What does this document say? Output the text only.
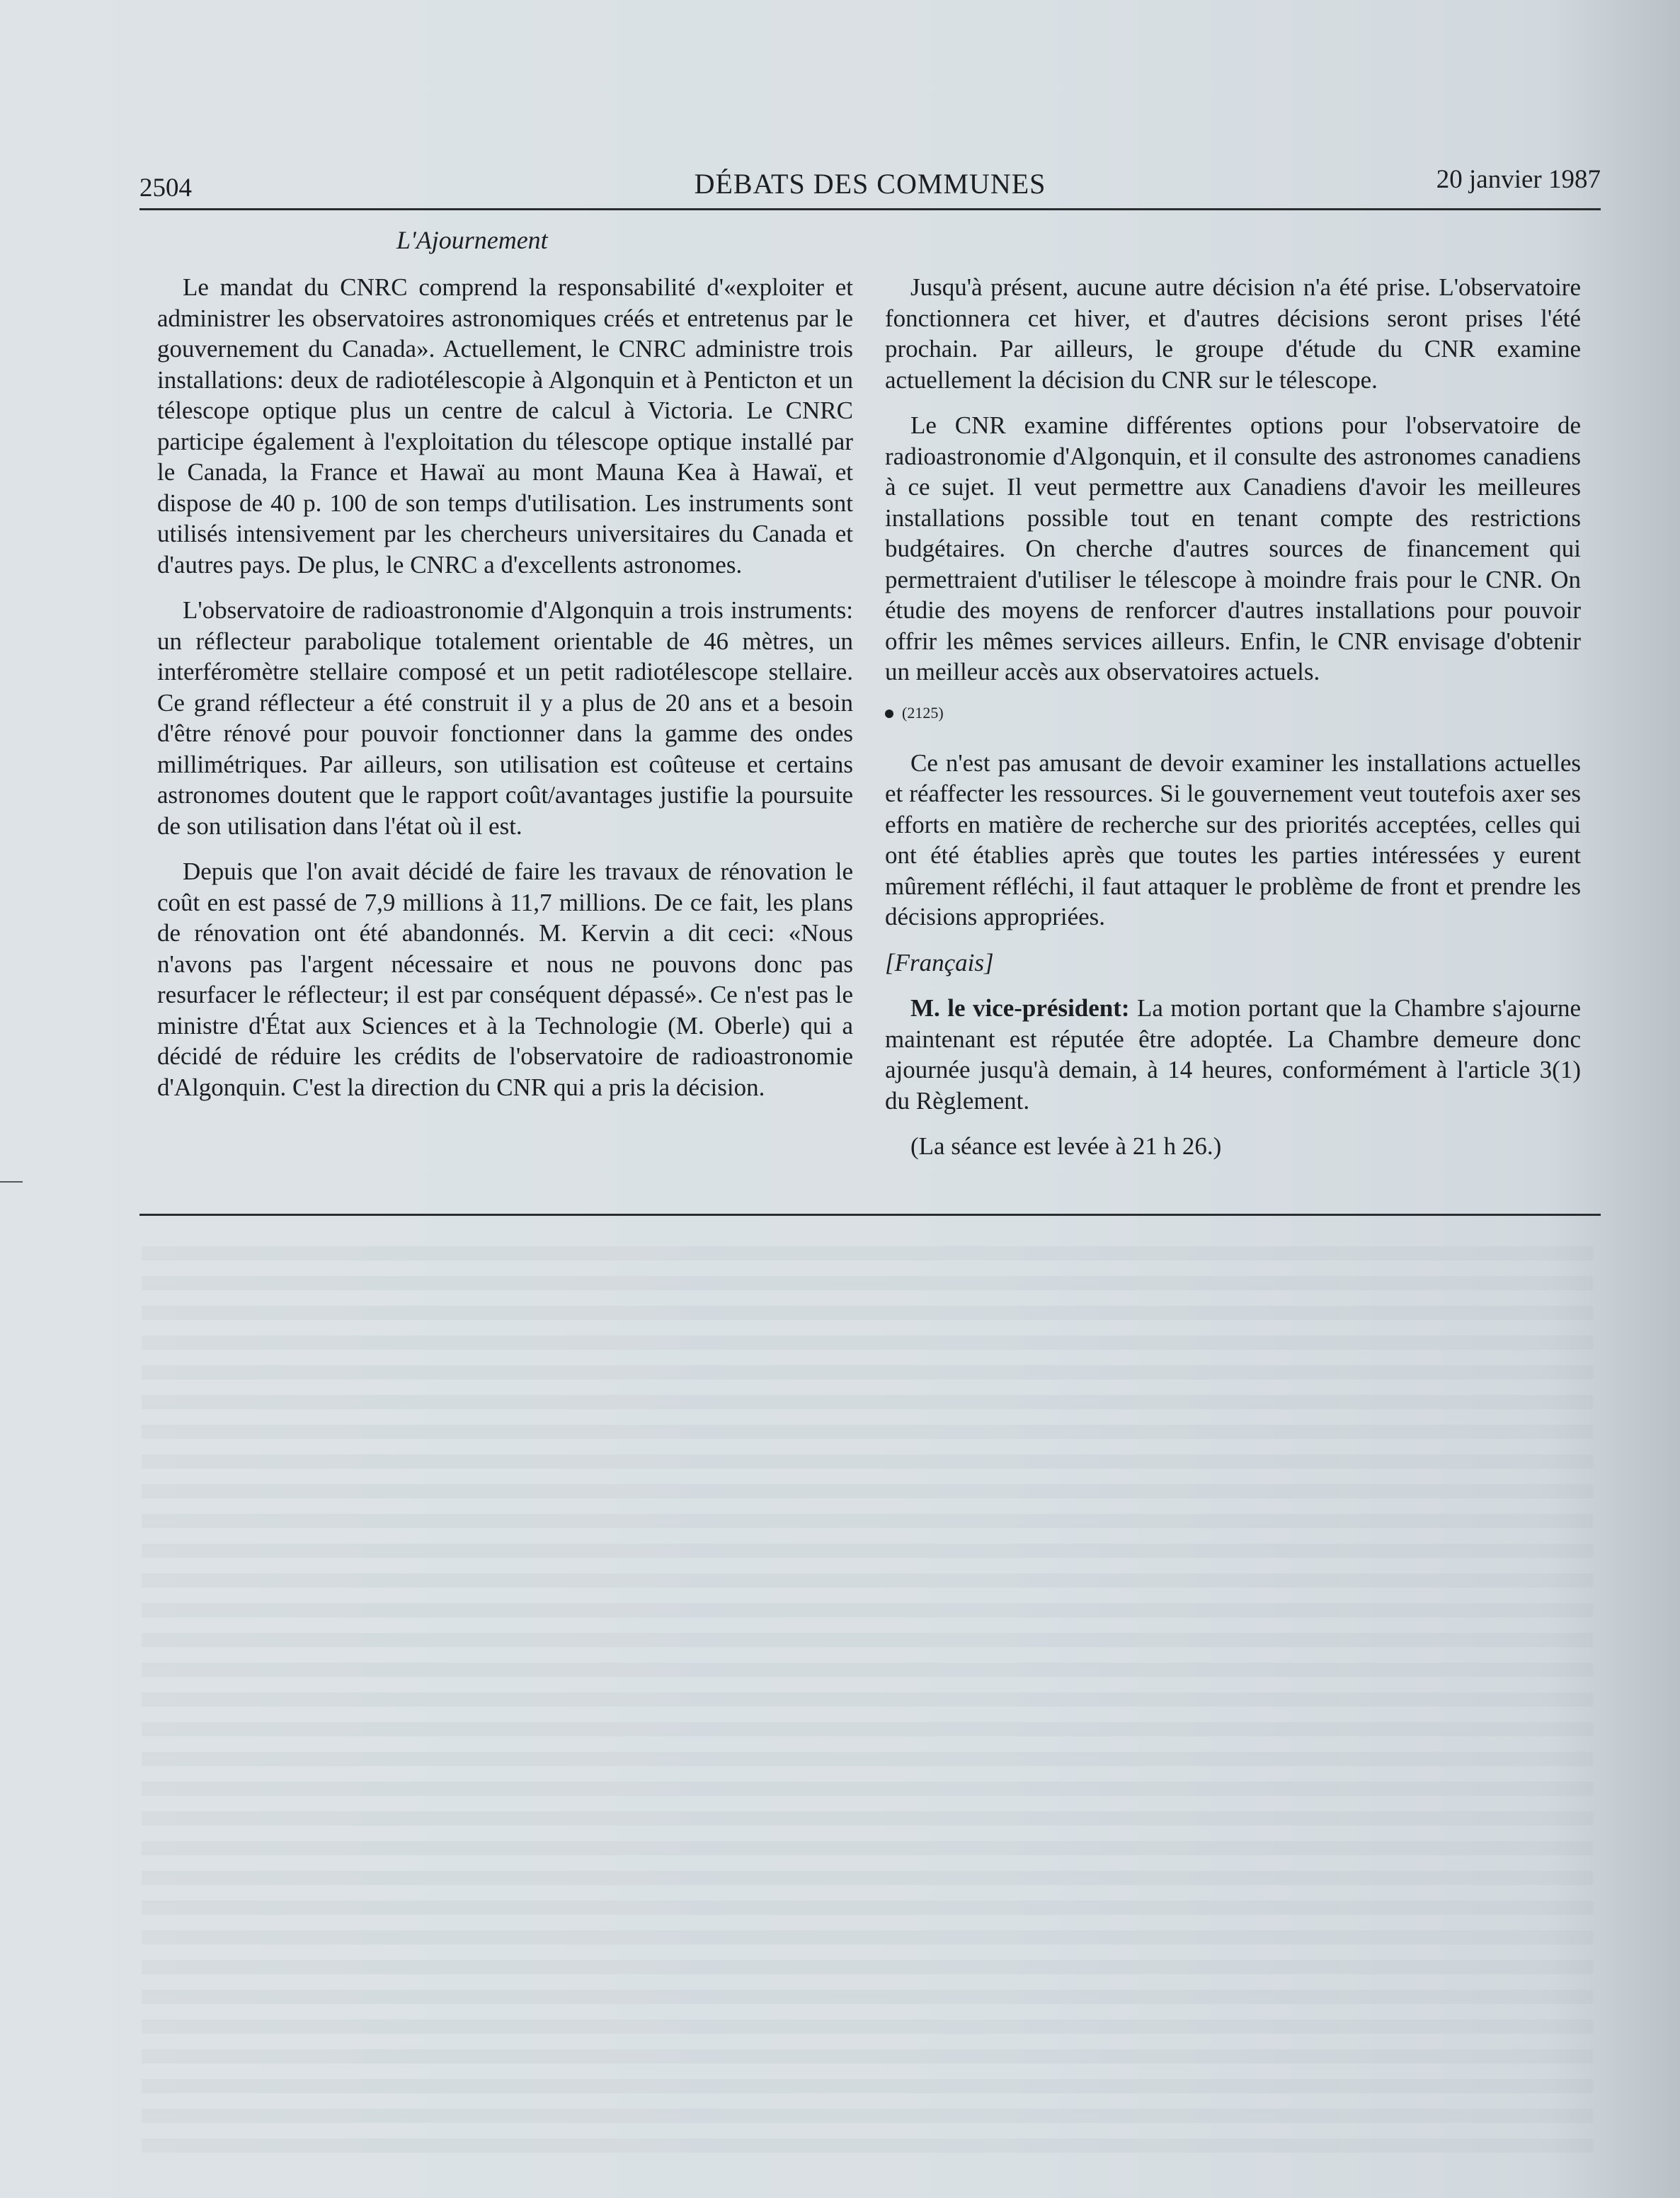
2504	DÉBATS DES COMMUNES	20 janvier 1987
L'Ajournement

Le mandat du CNRC comprend la responsabilité d'«exploiter et administrer les observatoires astronomiques créés et entretenus par le gouvernement du Canada». Actuellement, le CNRC administre trois installations: deux de radiotélescopie à Algonquin et à Penticton et un télescope optique plus un centre de calcul à Victoria. Le CNRC participe également à l'exploitation du télescope optique installé par le Canada, la France et Hawaï au mont Mauna Kea à Hawaï, et dispose de 40 p. 100 de son temps d'utilisation. Les instruments sont utilisés intensivement par les chercheurs universitaires du Canada et d'autres pays. De plus, le CNRC a d'excellents astronomes.

L'observatoire de radioastronomie d'Algonquin a trois instruments: un réflecteur parabolique totalement orientable de 46 mètres, un interféromètre stellaire composé et un petit radiotélescope stellaire. Ce grand réflecteur a été construit il y a plus de 20 ans et a besoin d'être rénové pour pouvoir fonctionner dans la gamme des ondes millimétriques. Par ailleurs, son utilisation est coûteuse et certains astronomes doutent que le rapport coût/avantages justifie la poursuite de son utilisation dans l'état où il est.

Depuis que l'on avait décidé de faire les travaux de rénovation le coût en est passé de 7,9 millions à 11,7 millions. De ce fait, les plans de rénovation ont été abandonnés. M. Kervin a dit ceci: «Nous n'avons pas l'argent nécessaire et nous ne pouvons donc pas resurfacer le réflecteur; il est par conséquent dépassé». Ce n'est pas le ministre d'État aux Sciences et à la Technologie (M. Oberle) qui a décidé de réduire les crédits de l'observatoire de radioastronomie d'Algonquin. C'est la direction du CNR qui a pris la décision.

Jusqu'à présent, aucune autre décision n'a été prise. L'observatoire fonctionnera cet hiver, et d'autres décisions seront prises l'été prochain. Par ailleurs, le groupe d'étude du CNR examine actuellement la décision du CNR sur le télescope.

Le CNR examine différentes options pour l'observatoire de radioastronomie d'Algonquin, et il consulte des astronomes canadiens à ce sujet. Il veut permettre aux Canadiens d'avoir les meilleures installations possible tout en tenant compte des restrictions budgétaires. On cherche d'autres sources de financement qui permettraient d'utiliser le télescope à moindre frais pour le CNR. On étudie des moyens de renforcer d'autres installations pour pouvoir offrir les mêmes services ailleurs. Enfin, le CNR envisage d'obtenir un meilleur accès aux observatoires actuels.

(2125)

Ce n'est pas amusant de devoir examiner les installations actuelles et réaffecter les ressources. Si le gouvernement veut toutefois axer ses efforts en matière de recherche sur des priorités acceptées, celles qui ont été établies après que toutes les parties intéressées y eurent mûrement réfléchi, il faut attaquer le problème de front et prendre les décisions appropriées.

[Français]

M. le vice-président: La motion portant que la Chambre s'ajourne maintenant est réputée être adoptée. La Chambre demeure donc ajournée jusqu'à demain, à 14 heures, conformément à l'article 3(1) du Règlement.

(La séance est levée à 21 h 26.)
